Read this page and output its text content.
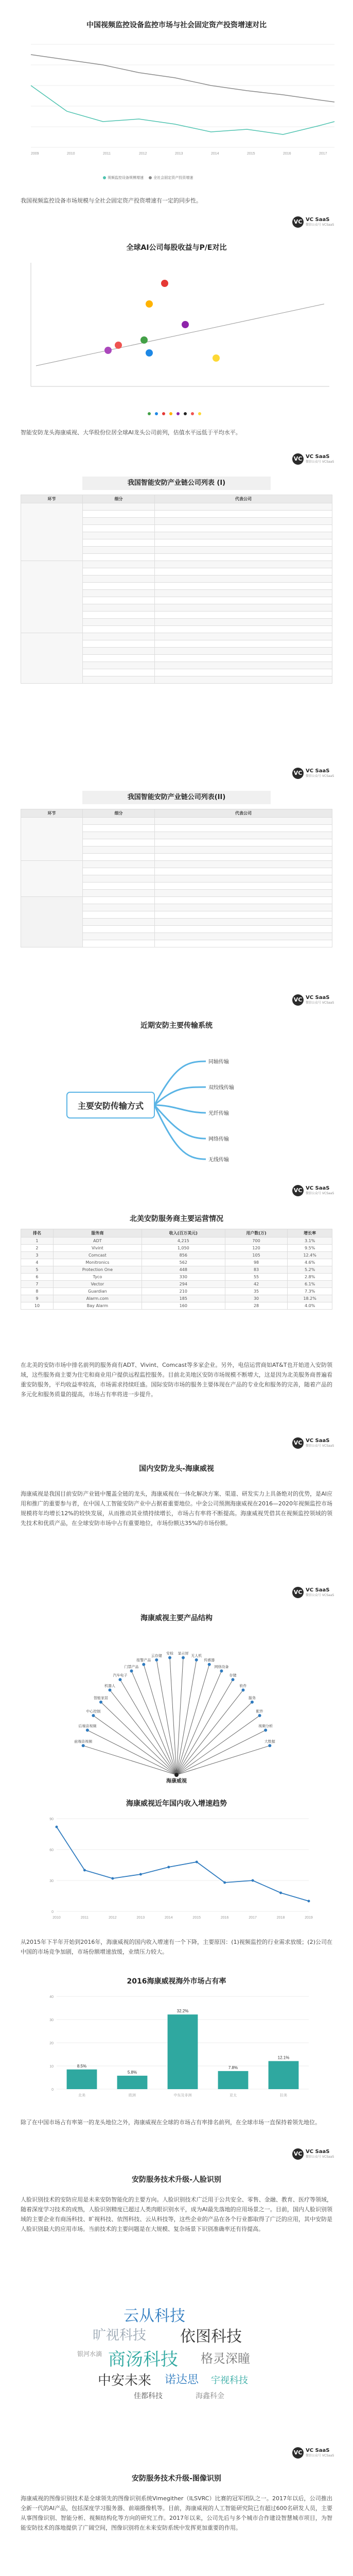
中国视频监控设备监控市场与社会固定资产投资增速对比
2009	2010	2011	2012	2013	2014	2015	2016	2017
视频监控设备规模增速
	全社会固定资产投资增速
我国视频监控设备市场规模与全社会固定资产投资增速有一定的同步性。
VC VC SaaS
微信公众号 VCSaaS
全球AI公司每股收益与P/E对比
智能安防龙头海康威视、大华股份位居全球AI龙头公司前列，估值水平远低于平均水平。
VC VC SaaS
微信公众号 VCSaaS
我国智能安防产业链公司列表 (I)
环节	细分	代表公司

VC VC SaaS
微信公众号 VCSaaS
我国智能安防产业链公司列表(II)
环节	细分	代表公司

VC VC SaaS
微信公众号 VCSaaS
近期安防主要传输系统
主要安防传输方式
同轴传输
双绞线传输
光纤传输
网络传输
无线传输
VC VC SaaS
微信公众号 VCSaaS
北美安防服务商主要运营情况
排名	服务商	收入(百万美元)	用户数(万)	增长率
1	ADT	4,215	700	3.1%
2	Vivint	1,050	120	9.5%
3	Comcast	856	105	12.4%
4	Monitronics	562	98	4.6%
5	Protection One	448	83	5.2%
6	Tyco	330	55	2.8%
7	Vector	294	42	6.1%
8	Guardian	210	35	7.3%
9	Alarm.com	185	30	18.2%
10	Bay Alarm	160	28	4.0%
在北美的安防市场中排名前列的服务商有ADT、Vivint、Comcast等多家企业。另外，电信运营商如AT&T也开始进入安防领域，这些服务商主要为住宅和商业用户提供远程监控服务。目前北美地区安防市场规模不断增大，这是因为北美服务商普遍看重安防服务，平均收益率较高，市场需求持续旺盛。国际安防市场的服务主要体现在产品的专业化和服务的完善，随着产品的多元化和服务质量的提高，市场占有率将进一步提升。
VC VC SaaS
微信公众号 VCSaaS
国内安防龙头-海康威视
海康威视是我国目前安防产业链中覆盖全链的龙头，海康威视在一体化解决方案、渠道、研发实力上具备绝对的优势，是AI应用和推广的重要参与者，在中国人工智能安防产业中占据着重要地位。中金公司预测海康威视在2016—2020年视频监控市场规模将年均增长12%的较快发展，从而推动其业绩持续增长，市场占有率将不断提高。海康威视凭借其在视频监控领域的领先技术和优质产品，在全球安防市场中占有重要地位，市场份额达35%的市场份额。
VC VC SaaS
微信公众号 VCSaaS
海康威视主要产品结构
海康威视
前端音视频
后端音视频
中心控制
智能家居
机器人
汽车电子
门禁产品
报警产品
云存储
安检 显示屏
无人机
传感器
网络设备
存储
软件
服务
配件
视频分析
大数据
海康威视近年国内收入增速趋势
0
30
60
90
2010	2011	2012	2013	2014	2015	2016	2017	2018	2019
从2015年下半年开始到2016年，海康威视的国内收入增速有一个下降，主要原因：(1)视频监控的行业需求放缓；(2)公司在中国的市场竞争加剧，市场份额增速放缓，业绩压力较大。
2016海康威视海外市场占有率
0
10
20
30
40
8.5%
北美
5.8%
欧洲
32.2%
中东及非洲
7.8%
亚太
12.1%
拉美
除了在中国市场占有率第一的龙头地位之外，海康威视在全球的市场占有率排名前列，在全球市场一直保持着领先地位。
VC VC SaaS
微信公众号 VCSaaS
安防服务技术升级-人脸识别
人脸识别技术的安防应用是未来安防智能化的主要方向。人脸识别技术广泛用于公共安全、零售、金融、教育、医疗等领域，随着深度学习技术的成熟，人脸识别精度已超过人类肉眼识别水平，成为AI最先落地的应用场景之一。目前，国内人脸识别领域的主要企业有商汤科技、旷视科技、依图科技、云从科技等，这些企业的产品在各个行业都取得了广泛的应用，其中安防是人脸识别最大的应用市场。当前技术的主要问题是在大规模、复杂场景下识别准确率还有待提高。
云从科技
旷视科技 依图科技
商汤科技 格灵深瞳
中安未来 诺达思 宇视科技
银河水滴
佳都科技	海鑫科金
VC VC SaaS
微信公众号 VCSaaS
安防服务技术升级-图像识别
海康威视的图像识别技术是全球领先的图像识别系统Vimegither（ILSVRC）比赛的冠军团队之一。2017年以后，公司推出全新一代的AI产品，包括深度学习服务器、前端摄像机等。目前，海康威视的人工智能研究院已有超过600名研发人员，主要从事图像识别、智能分析、视频结构化等方向的研究工作。2017年以来，公司先后与多个城市合作建设智慧城市项目，为智能安防技术的落地提供了广阔空间，图像识别将在未来安防系统中发挥更加重要的作用。
